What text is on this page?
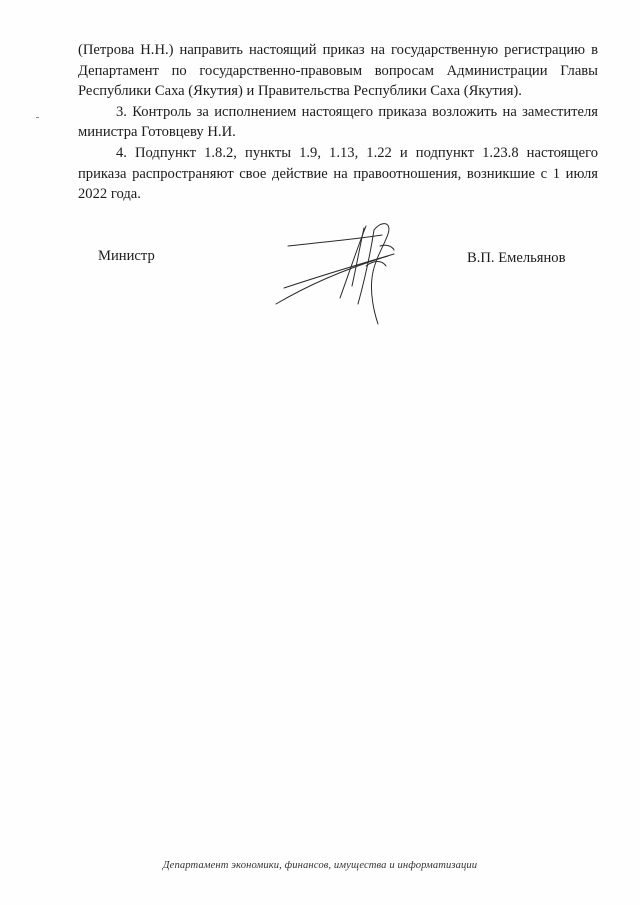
(Петрова Н.Н.) направить настоящий приказ на государственную регистрацию в Департамент по государственно-правовым вопросам Администрации Главы Республики Саха (Якутия) и Правительства Республики Саха (Якутия).

3. Контроль за исполнением настоящего приказа возложить на заместителя министра Готовцеву Н.И.

4. Подпункт 1.8.2, пункты 1.9, 1.13, 1.22 и подпункт 1.23.8 настоящего приказа распространяют свое действие на правоотношения, возникшие с 1 июля 2022 года.

Министр	В.П. Емельянов
Департамент экономики, финансов, имущества и информатизации
